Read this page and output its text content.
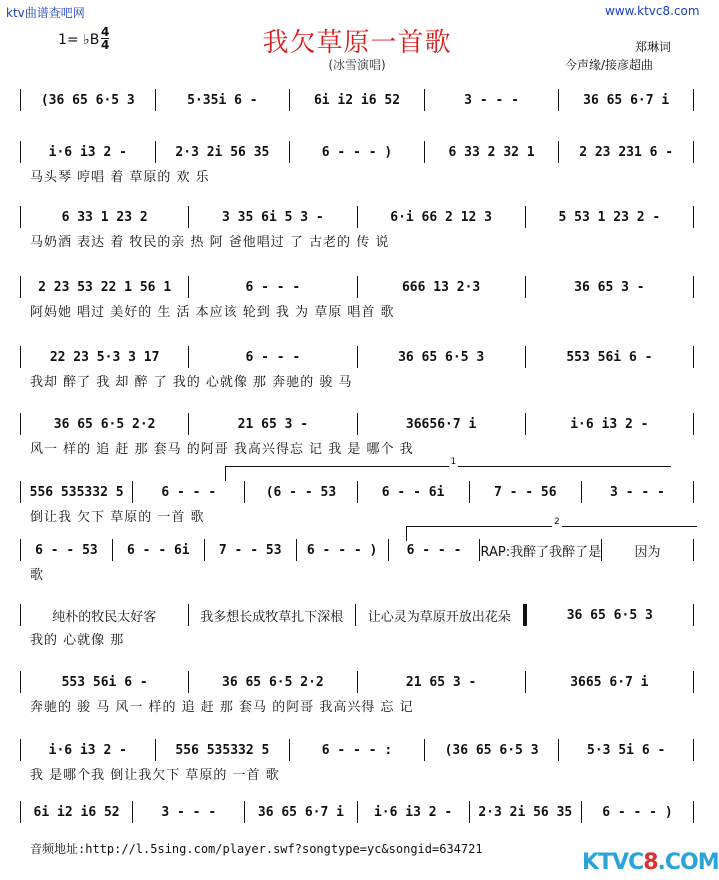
ktv曲谱查吧网	www.ktvc8.com
我欠草原一首歌
(冰雪演唱)
1= ♭B 4
4	郑琳词
今声缘/接彦超曲
(36 65 6·5 3	5·35i 6 -	6i i2 i6 52	3 - - -	36 65 6·7 i
i·6 i3 2 -	2·3 2i 56 35	6 - - - )	6 33 2 32 1	2 23 231 6 -
马头琴 哼唱 着 草原的 欢 乐
6 33 1 23 2	3 35 6i 5 3 -	6·i 66 2 12 3	5 53 1 23 2 -
马奶酒 表达 着 牧民的亲 热 阿 爸他唱过 了 古老的 传 说
2 23 53 22 1 56 1	6 - - -	666 13 2·3	36 65 3 -
阿妈她 唱过 美好的 生 活 本应该 轮到 我 为 草原 唱首 歌
22 23 5·3 3 17	6 - - -	36 65 6·5 3	553 56i 6 -
我却 醉了 我 却 醉 了 我的 心就像 那 奔驰的 骏 马
36 65 6·5 2·2	21 65 3 -	36656·7 i	i·6 i3 2 -
风一 样的 追 赶 那 套马 的阿哥 我高兴得忘 记 我 是 哪个 我
556 535332 5	6 - - -	(6 - - 53	6 - - 6i	7 - - 56	3 - - -
倒让我 欠下 草原的 一首 歌
6 - - 53	6 - - 6i	7 - - 53	6 - - - )	6 - - -	RAP:我醉了我醉了是	因为
歌
纯朴的牧民太好客	我多想长成牧草扎下深根	让心灵为草原开放出花朵	36 65 6·5 3
我的 心就像 那
553 56i 6 -	36 65 6·5 2·2	21 65 3 -	3665 6·7 i
奔驰的 骏 马 风一 样的 追 赶 那 套马 的阿哥 我高兴得 忘 记
i·6 i3 2 -	556 535332 5	6 - - - :	(36 65 6·5 3	5·3 5i 6 -
我 是哪个我 倒让我欠下 草原的 一首 歌
6i i2 i6 52	3 - - -	36 65 6·7 i	i·6 i3 2 -	2·3 2i 56 35	6 - - - )
1
2
音频地址:http://l.5sing.com/player.swf?songtype=yc&songid=634721
KTVC8.COM
